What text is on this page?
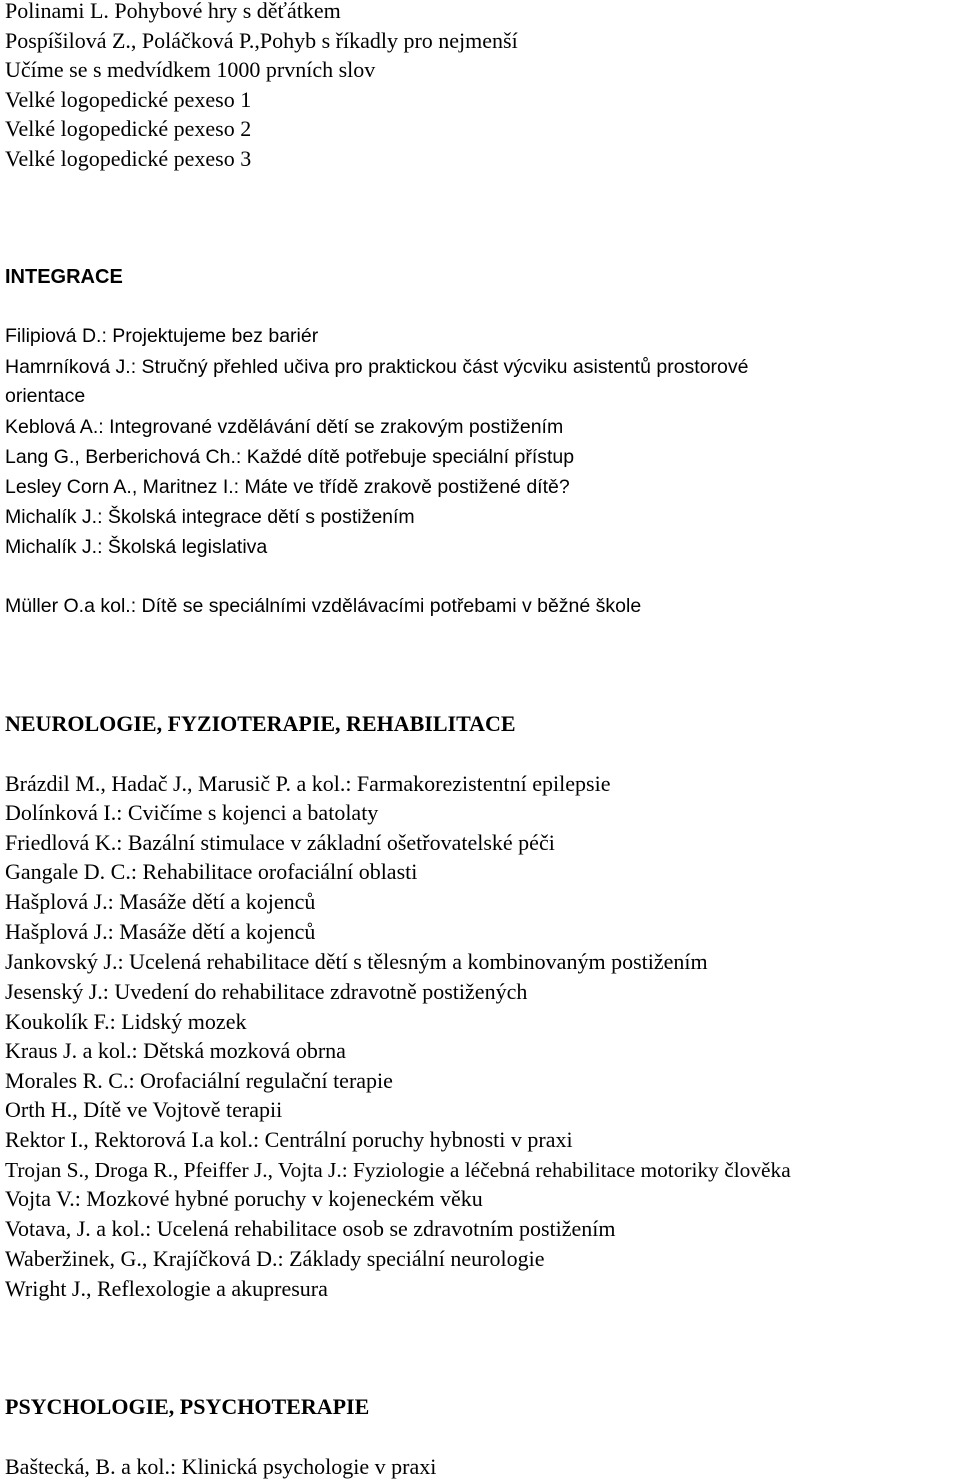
Polinami L. Pohybové hry s děťátkem
Pospíšilová Z., Poláčková P.,Pohyb s říkadly pro nejmenší
Učíme se s medvídkem 1000 prvních slov
Velké logopedické pexeso 1
Velké logopedické pexeso 2
Velké logopedické pexeso 3
INTEGRACE
Filipiová D.: Projektujeme bez bariér
Hamrníková J.: Stručný přehled učiva pro praktickou část výcviku asistentů prostorové
orientace
Keblová A.: Integrované vzdělávání dětí se zrakovým postižením
Lang G., Berberichová Ch.: Každé dítě potřebuje speciální přístup
Lesley Corn A., Maritnez I.: Máte ve třídě zrakově postižené dítě?
Michalík J.: Školská integrace dětí s postižením
Michalík J.: Školská legislativa
Müller O.a kol.: Dítě se speciálními vzdělávacími potřebami v běžné škole
NEUROLOGIE, FYZIOTERAPIE, REHABILITACE
Brázdil M., Hadač J., Marusič P. a kol.: Farmakorezistentní epilepsie
Dolínková I.: Cvičíme s kojenci a batolaty
Friedlová K.: Bazální stimulace v základní ošetřovatelské péči
Gangale D. C.: Rehabilitace orofaciální oblasti
Hašplová J.: Masáže dětí a kojenců
Hašplová J.: Masáže dětí a kojenců
Jankovský J.: Ucelená rehabilitace dětí s tělesným a kombinovaným postižením
Jesenský J.: Uvedení do rehabilitace zdravotně postižených
Koukolík F.: Lidský mozek
Kraus J. a kol.: Dětská mozková obrna
Morales R. C.: Orofaciální regulační terapie
Orth H., Dítě ve Vojtově terapii
Rektor I., Rektorová I.a kol.: Centrální poruchy hybnosti v praxi
Trojan S., Droga R., Pfeiffer J., Vojta J.: Fyziologie a léčebná rehabilitace motoriky člověka
Vojta V.: Mozkové hybné poruchy v kojeneckém věku
Votava, J. a kol.: Ucelená rehabilitace osob se zdravotním postižením
Waberžinek, G., Krajíčková D.: Základy speciální neurologie
Wright J., Reflexologie a akupresura
PSYCHOLOGIE, PSYCHOTERAPIE
Baštecká, B. a kol.: Klinická psychologie v praxi
